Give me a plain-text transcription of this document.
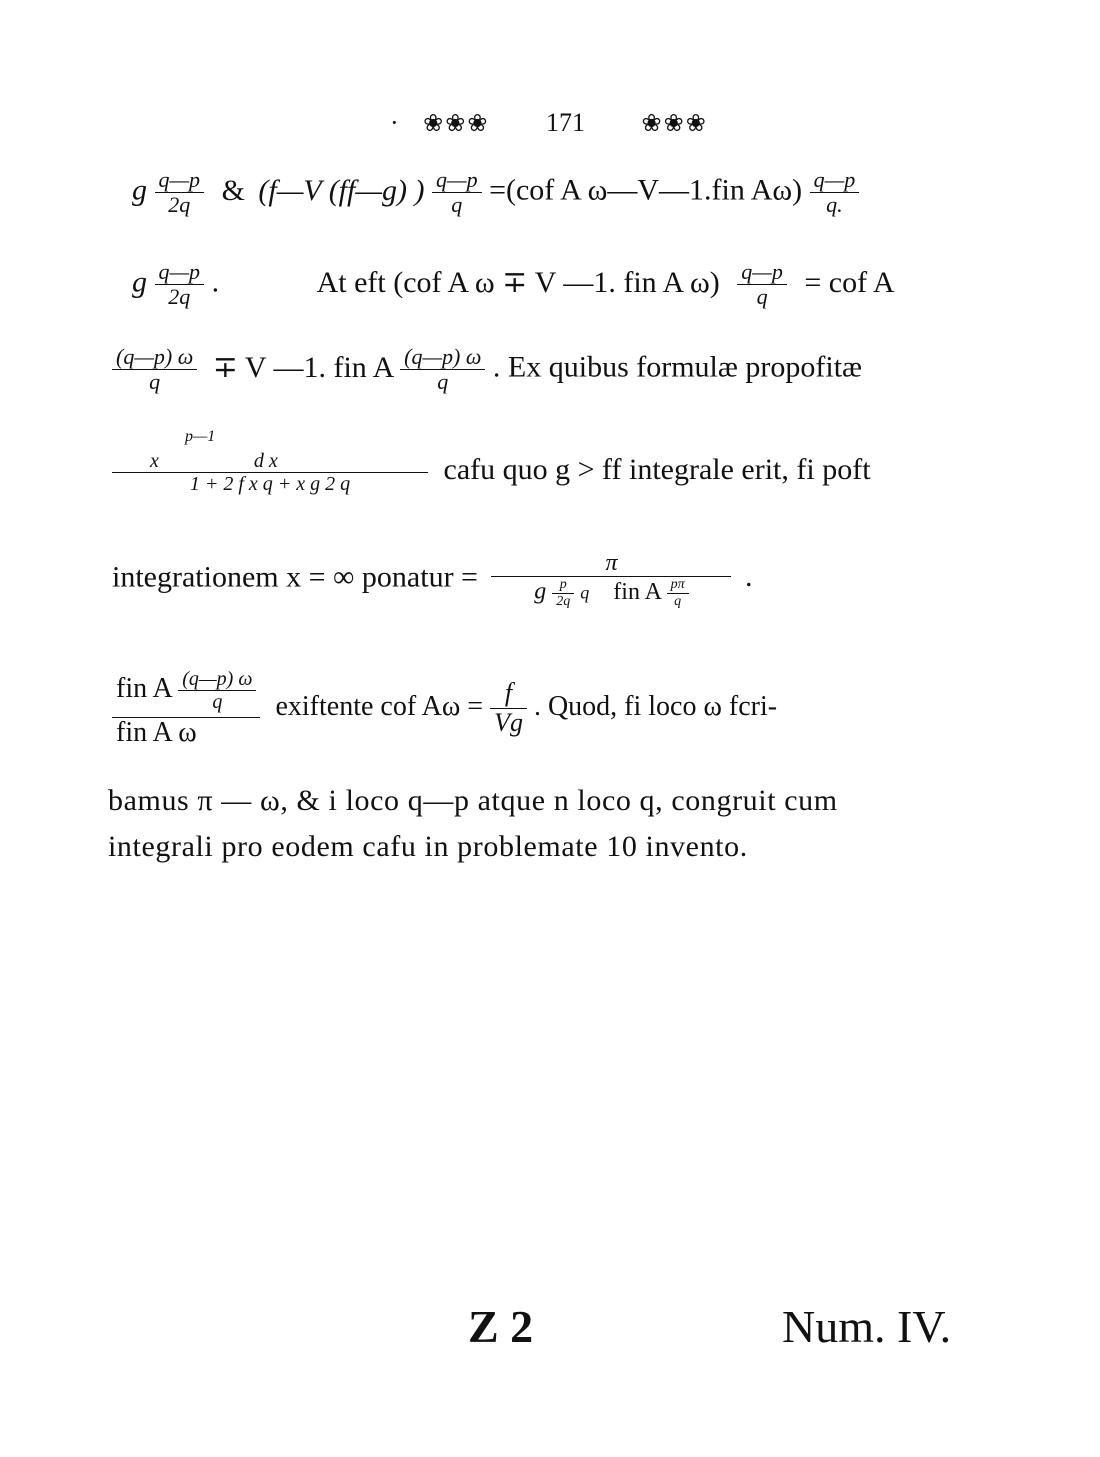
· ❀❀❀ 171 ❀❀❀
g $\frac{q—p}{2q}$ & (f—V (ff—g) ) $\frac{q—p}{q} =(cof$ A ω—V—1.fin $A\omega) \frac{q—p}{q.}$
g $\frac{q—p}{2q}$ .	At eft (cof A ω ∓ V —1. fin A $\omega) \frac{q—p}{q}$ = cof A
$\frac{(q—p) \omega}{q} \mp V$ —1. fin A $\frac{(q—p) \omega}{q}$ . Ex quibus formulæ propofitæ
p—1
x	d x
1 + 2 f x q + x g 2 q cafu quo g > ff integrale erit, fi poft
integrationem x = ∞ ponatur =	π
g $\frac{p}{2q}$ q fin A $\frac{p\pi}{q}$ .
fin A $\frac{(q—p) \omega}{q}$
fin A ω
exiftente cof $A\omega = \frac{f}{Vg}$ . Quod, fi loco ω fcri-
bamus π — ω, & i loco q—p atque n loco q, congruit cum
integrali pro eodem cafu in problemate 10 invento.
Z 2	Num. IV.
